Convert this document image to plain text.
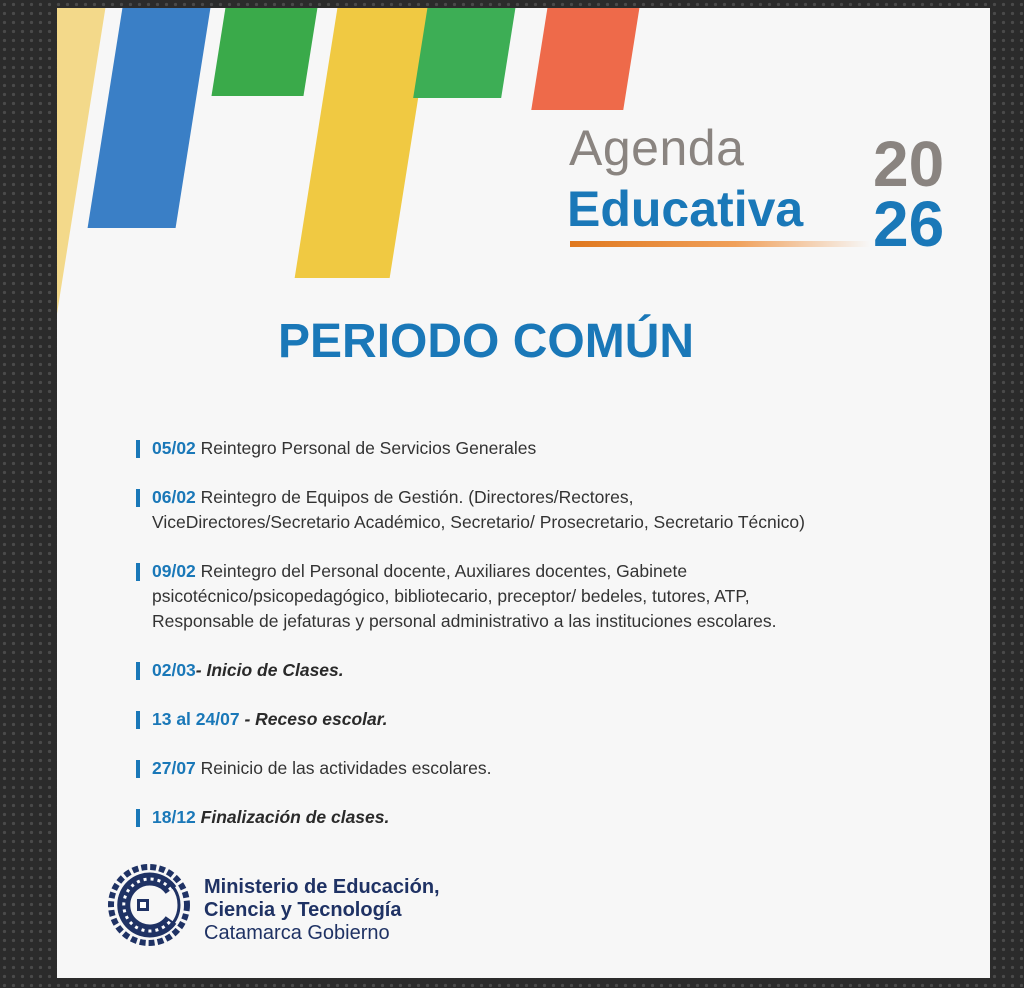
Agenda
Educativa
20
26
PERIODO COMÚN

05/02 Reintegro Personal de Servicios Generales

06/02 Reintegro de Equipos de Gestión. (Directores/Rectores,
ViceDirectores/Secretario Académico, Secretario/ Prosecretario, Secretario Técnico)

09/02 Reintegro del Personal docente, Auxiliares docentes, Gabinete
psicotécnico/psicopedagógico, bibliotecario, preceptor/ bedeles, tutores, ATP,
Responsable de jefaturas y personal administrativo a las instituciones escolares.

02/03- Inicio de Clases.

13 al 24/07 - Receso escolar.

27/07 Reinicio de las actividades escolares.

18/12 Finalización de clases.

Ministerio de Educación,
Ciencia y Tecnología
Catamarca Gobierno
